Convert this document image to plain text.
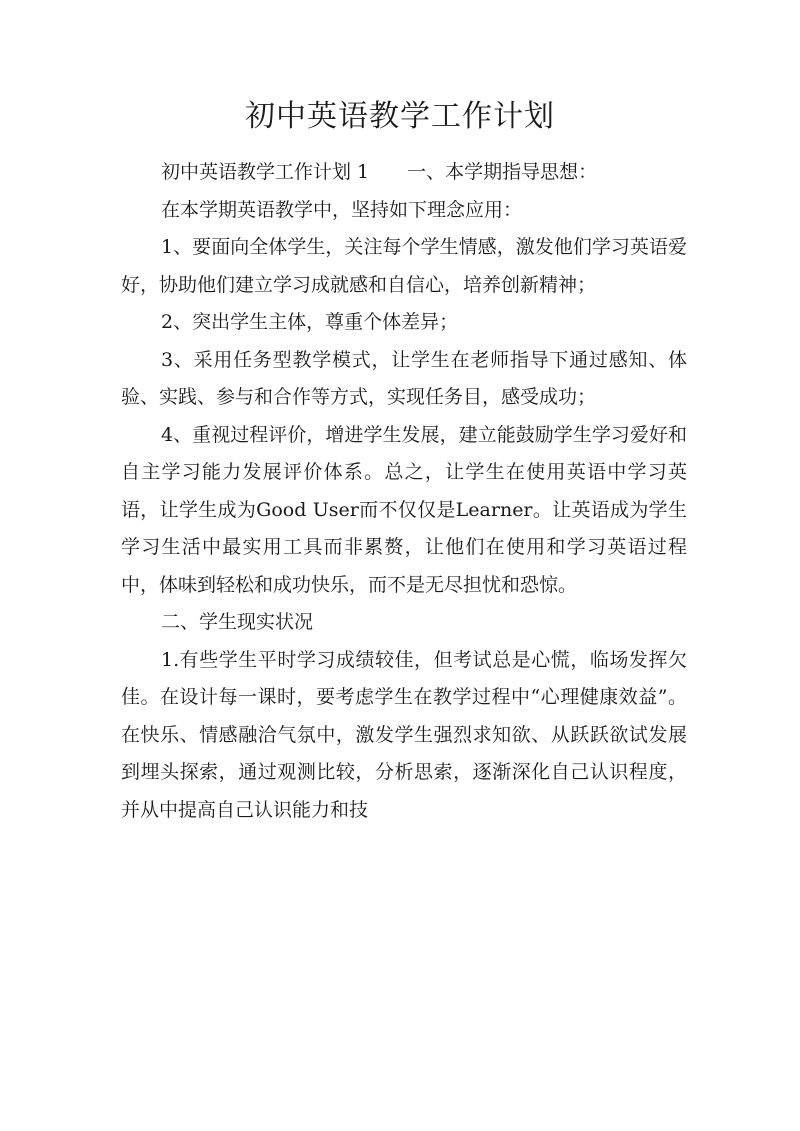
初中英语教学工作计划

初中英语教学工作计划 1 一、本学期指导思想：

在本学期英语教学中，坚持如下理念应用：

1、要面向全体学生，关注每个学生情感，激发他们学习英语爱好，协助他们建立学习成就感和自信心，培养创新精神；

2、突出学生主体，尊重个体差异；

3、采用任务型教学模式，让学生在老师指导下通过感知、体验、实践、参与和合作等方式，实现任务目，感受成功；

4、重视过程评价，增进学生发展，建立能鼓励学生学习爱好和自主学习能力发展评价体系。总之，让学生在使用英语中学习英语，让学生成为Good User而不仅仅是Learner。让英语成为学生学习生活中最实用工具而非累赘，让他们在使用和学习英语过程中，体味到轻松和成功快乐，而不是无尽担忧和恐惊。

二、学生现实状况

1.有些学生平时学习成绩较佳，但考试总是心慌，临场发挥欠佳。在设计每一课时，要考虑学生在教学过程中“心理健康效益”。在快乐、情感融洽气氛中，激发学生强烈求知欲、从跃跃欲试发展到埋头探索，通过观测比较，分析思索，逐渐深化自己认识程度，并从中提高自己认识能力和技
